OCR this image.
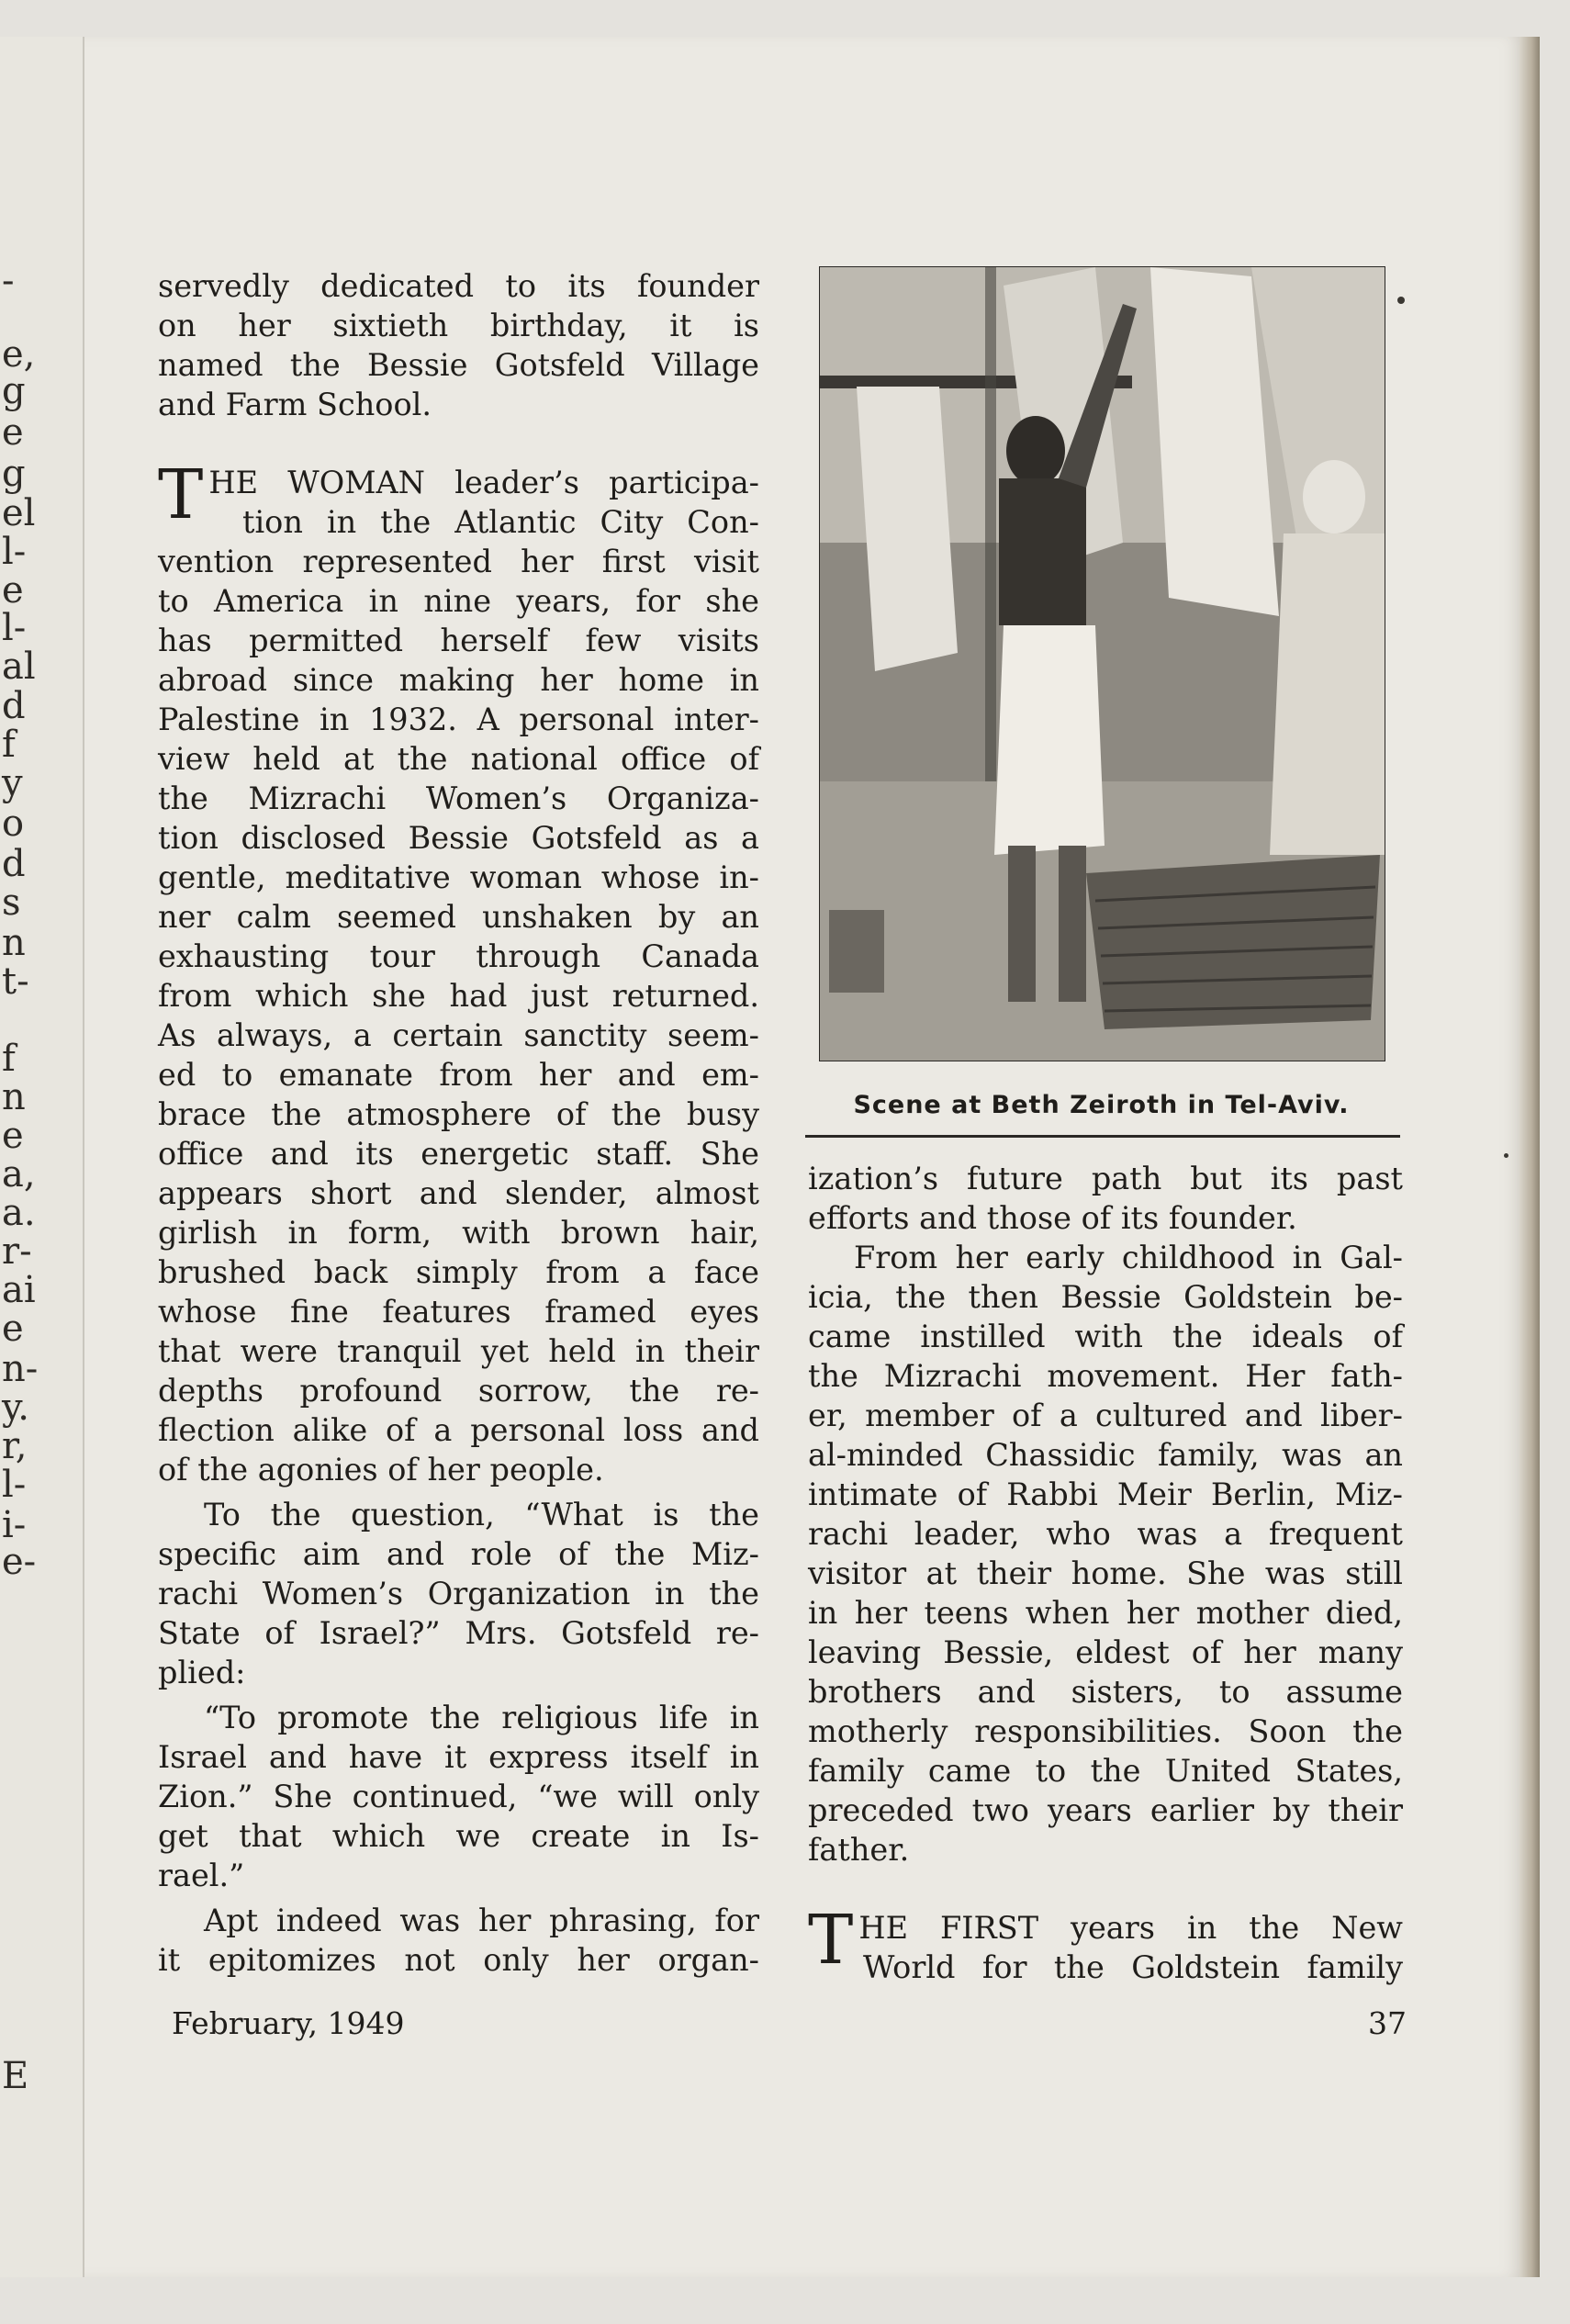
-
e,
g
e
g
el
l-
e
l-
al
d
f
y
o
d
s
n
t-
f
n
e
a,
a.
r-
ai
e
n-
y.
r,
l-
i-
e-
E

servedly dedicated to its founder
on her sixtieth birthday, it is
named the Bessie Gotsfeld Village
and Farm School.

T HE WOMAN leader’s participa-
tion in the Atlantic City Con-
vention represented her first visit
to America in nine years, for she
has permitted herself few visits
abroad since making her home in
Palestine in 1932. A personal inter-
view held at the national office of
the Mizrachi Women’s Organiza-
tion disclosed Bessie Gotsfeld as a
gentle, meditative woman whose in-
ner calm seemed unshaken by an
exhausting tour through Canada
from which she had just returned.
As always, a certain sanctity seem-
ed to emanate from her and em-
brace the atmosphere of the busy
office and its energetic staff. She
appears short and slender, almost
girlish in form, with brown hair,
brushed back simply from a face
whose fine features framed eyes
that were tranquil yet held in their
depths profound sorrow, the re-
flection alike of a personal loss and
of the agonies of her people.

To the question, “What is the
specific aim and role of the Miz-
rachi Women’s Organization in the
State of Israel?” Mrs. Gotsfeld re-
plied:

“To promote the religious life in
Israel and have it express itself in
Zion.” She continued, “we will only
get that which we create in Is-
rael.”

Apt indeed was her phrasing, for
it epitomizes not only her organ-

Scene at Beth Zeiroth in Tel-Aviv.

ization’s future path but its past
efforts and those of its founder.

From her early childhood in Gal-
icia, the then Bessie Goldstein be-
came instilled with the ideals of
the Mizrachi movement. Her fath-
er, member of a cultured and liber-
al-minded Chassidic family, was an
intimate of Rabbi Meir Berlin, Miz-
rachi leader, who was a frequent
visitor at their home. She was still
in her teens when her mother died,
leaving Bessie, eldest of her many
brothers and sisters, to assume
motherly responsibilities. Soon the
family came to the United States,
preceded two years earlier by their
father.

T HE FIRST years in the New
World for the Goldstein family

February, 1949	37
